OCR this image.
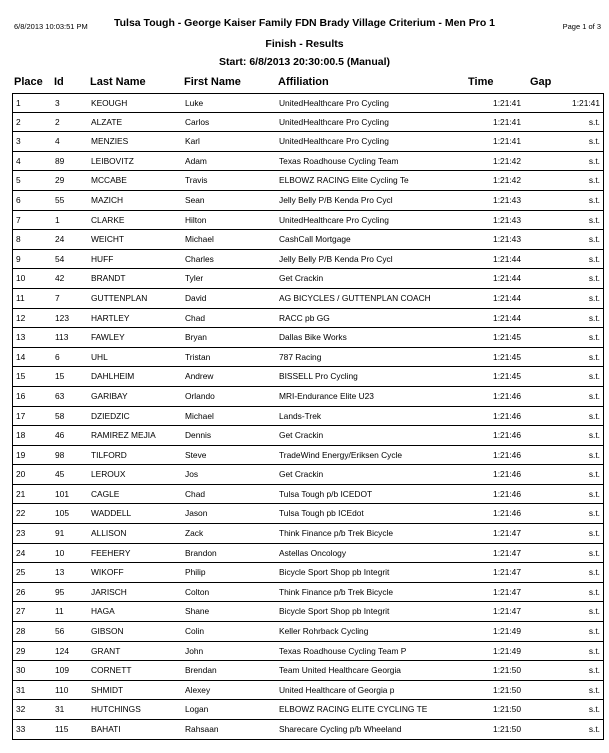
6/8/2013 10:03:51 PM	Tulsa Tough - George Kaiser Family FDN Brady Village Criterium - Men Pro 1	Page 1 of 3
Finish - Results
Start: 6/8/2013 20:30:00.5 (Manual)
Place Id Last Name	First Name	Affiliation	Time	Gap
1	3	KEOUGH	Luke	UnitedHealthcare Pro Cycling	1:21:41	1:21:41
2	2	ALZATE	Carlos	UnitedHealthcare Pro Cycling	1:21:41	s.t.
3	4	MENZIES	Karl	UnitedHealthcare Pro Cycling	1:21:41	s.t.
4	89	LEIBOVITZ	Adam	Texas Roadhouse Cycling Team	1:21:42	s.t.
5	29	MCCABE	Travis	ELBOWZ RACING Elite Cycling Te	1:21:42	s.t.
6	55	MAZICH	Sean	Jelly Belly P/B Kenda Pro Cycl	1:21:43	s.t.
7	1	CLARKE	Hilton	UnitedHealthcare Pro Cycling	1:21:43	s.t.
8	24	WEICHT	Michael	CashCall Mortgage	1:21:43	s.t.
9	54	HUFF	Charles	Jelly Belly P/B Kenda Pro Cycl	1:21:44	s.t.
10	42	BRANDT	Tyler	Get Crackin	1:21:44	s.t.
11	7	GUTTENPLAN	David	AG BICYCLES / GUTTENPLAN COACH	1:21:44	s.t.
12	123	HARTLEY	Chad	RACC pb GG	1:21:44	s.t.
13	113	FAWLEY	Bryan	Dallas Bike Works	1:21:45	s.t.
14	6	UHL	Tristan	787 Racing	1:21:45	s.t.
15	15	DAHLHEIM	Andrew	BISSELL Pro Cycling	1:21:45	s.t.
16	63	GARIBAY	Orlando	MRI-Endurance Elite U23	1:21:46	s.t.
17	58	DZIEDZIC	Michael	Lands-Trek	1:21:46	s.t.
18	46	RAMIREZ MEJIA	Dennis	Get Crackin	1:21:46	s.t.
19	98	TILFORD	Steve	TradeWind Energy/Eriksen Cycle	1:21:46	s.t.
20	45	LEROUX	Jos	Get Crackin	1:21:46	s.t.
21	101	CAGLE	Chad	Tulsa Tough p/b ICEDOT	1:21:46	s.t.
22	105	WADDELL	Jason	Tulsa Tough pb ICEdot	1:21:46	s.t.
23	91	ALLISON	Zack	Think Finance p/b Trek Bicycle	1:21:47	s.t.
24	10	FEEHERY	Brandon	Astellas Oncology	1:21:47	s.t.
25	13	WIKOFF	Philip	Bicycle Sport Shop pb Integrit	1:21:47	s.t.
26	95	JARISCH	Colton	Think Finance p/b Trek Bicycle	1:21:47	s.t.
27	11	HAGA	Shane	Bicycle Sport Shop pb Integrit	1:21:47	s.t.
28	56	GIBSON	Colin	Keller Rohrback Cycling	1:21:49	s.t.
29	124	GRANT	John	Texas Roadhouse Cycling Team P	1:21:49	s.t.
30	109	CORNETT	Brendan	Team United Healthcare Georgia	1:21:50	s.t.
31	110	SHMIDT	Alexey	United Healthcare of Georgia p	1:21:50	s.t.
32	31	HUTCHINGS	Logan	ELBOWZ RACING ELITE CYCLING TE	1:21:50	s.t.
33	115	BAHATI	Rahsaan	Sharecare Cycling p/b Wheeland	1:21:50	s.t.
